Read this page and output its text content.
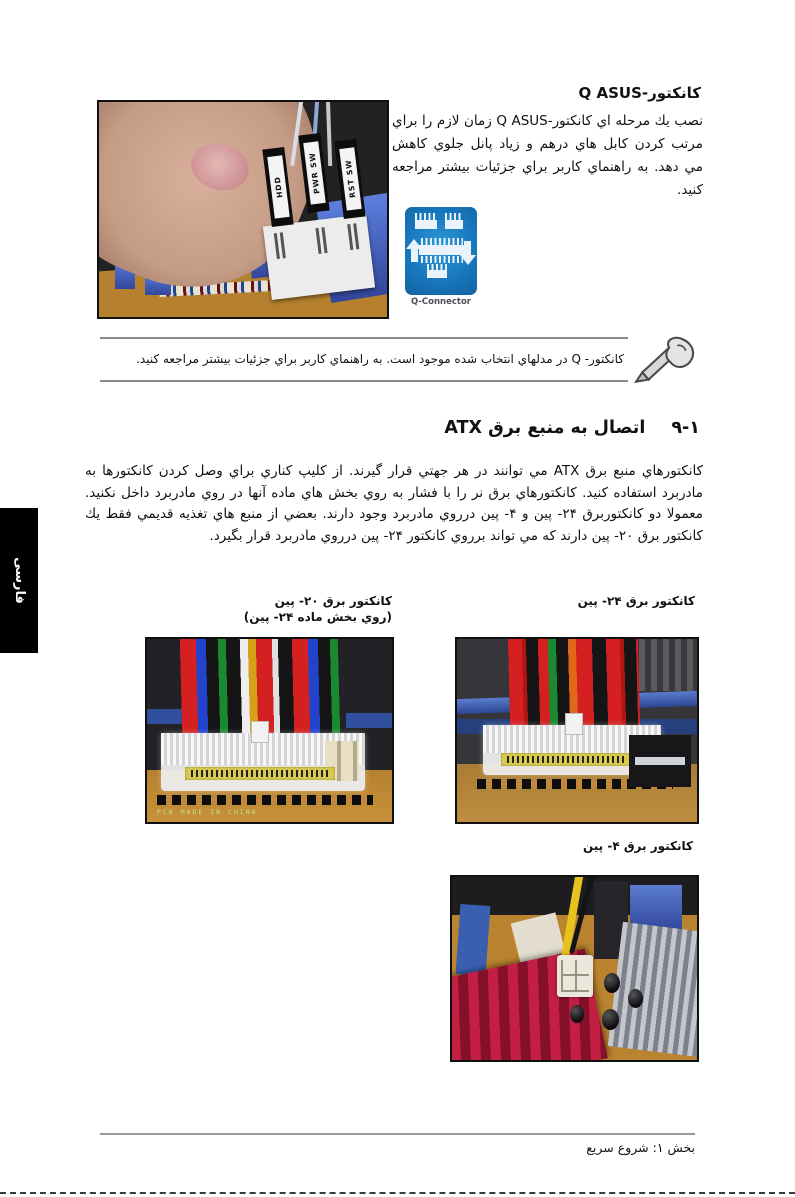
كانكتور-Q ASUS
HDD	PWR SW	RST SW
نصب يك مرحله اي كانكتور-Q ASUS زمان لازم را براي مرتب كردن كابل هاي درهم و زياد پانل جلوي كاهش مي دهد. به راهنماي كاربر براي جزئيات بيشتر مراجعه كنيد.
Q-Connector
كانكتور- Q در مدلهاي انتخاب شده موجود است. به راهنماي كاربر براي جزئيات بيشتر مراجعه كنيد.
۹-۱
اتصال به منبع برق ATX
كانكتورهاي منبع برق ATX مي توانند در هر جهتي قرار گيرند. از كليپ كناري براي وصل كردن كانكتورها به مادربرد استفاده كنيد. كانكتورهاي برق نر را با فشار به روي بخش هاي ماده آنها در روي مادربرد داخل نكنيد. معمولا دو كانكتوربرق ۲۴- پين و ۴- پين درروي مادربرد وجود دارند. بعضي از منبع هاي تغذيه قديمي فقط يك كانكتور برق ۲۰- پين دارند كه مي تواند برروي كانكتور ۲۴- پين درروي مادربرد قرار بگيرد.
كانكتور برق ۲۴- پين
كانكتور برق ۲۰- پين
(روي بخش ماده ۲۴- پين)
PCB MADE IN CHINA
كانكتور برق ۴- پين
بخش ۱: شروع سريع
فارسی
